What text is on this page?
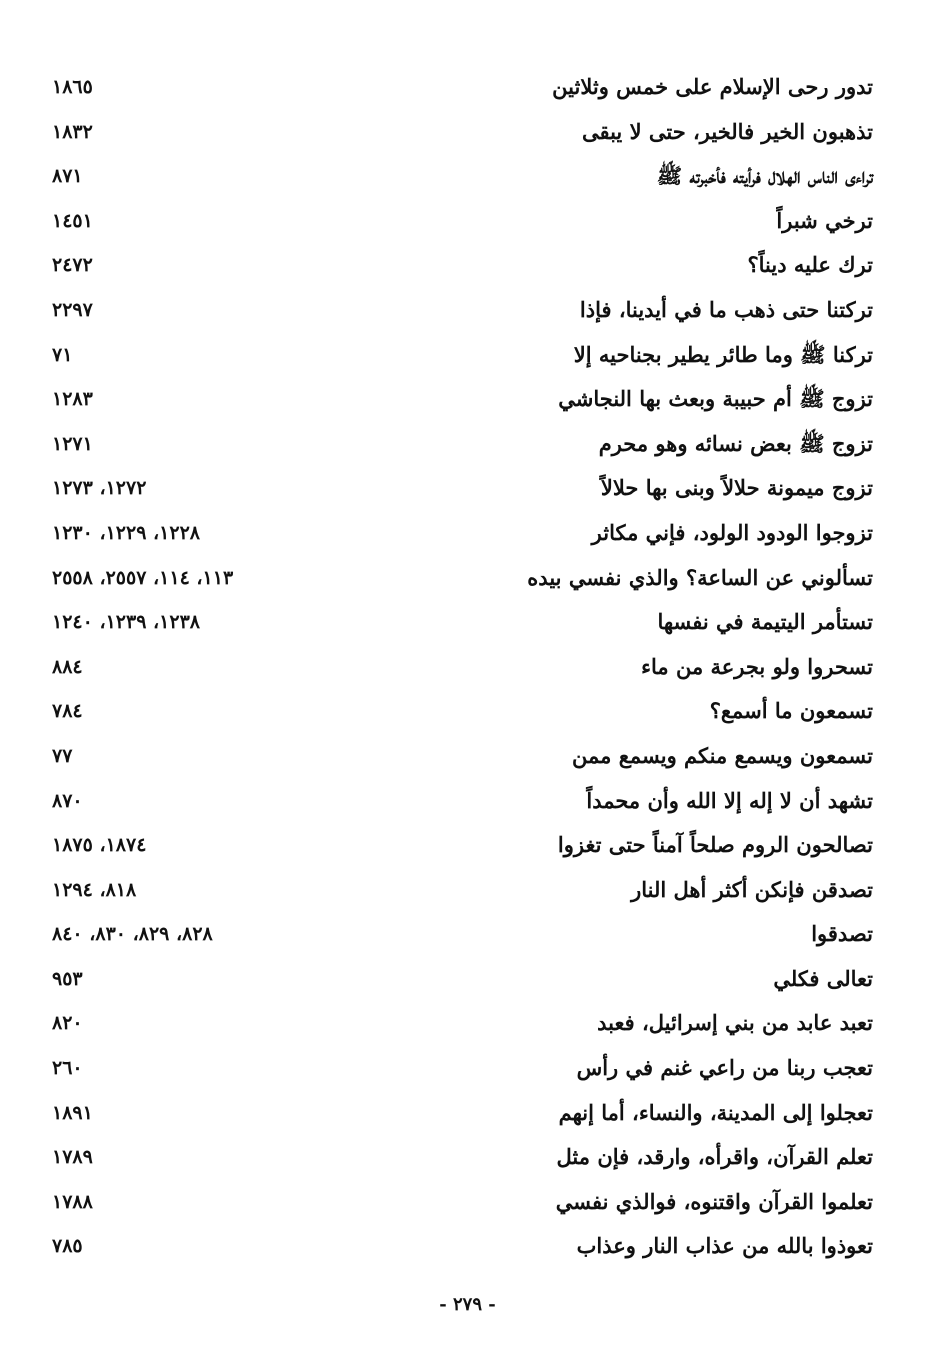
تدور رحى الإسلام على خمس وثلاثين
١٨٦٥
تذهبون الخير فالخير، حتى لا يبقى
١٨٣٢
تراءى الناس الهلال فرأيته فأخبرته ﷺ
٨٧١
ترخي شبراً
١٤٥١
ترك عليه ديناً؟
٢٤٧٢
تركتنا حتى ذهب ما في أيدينا، فإذا
٢٢٩٧
تركنا ﷺ وما طائر يطير بجناحيه إلا
٧١
تزوج ﷺ أم حبيبة وبعث بها النجاشي
١٢٨٣
تزوج ﷺ بعض نسائه وهو محرم
١٢٧١
تزوج ميمونة حلالاً وبنى بها حلالاً
١٢٧٢، ١٢٧٣
تزوجوا الودود الولود، فإني مكاثر
١٢٢٨، ١٢٢٩، ١٢٣٠
تسألوني عن الساعة؟ والذي نفسي بيده
١١٣، ١١٤، ٢٥٥٧، ٢٥٥٨
تستأمر اليتيمة في نفسها
١٢٣٨، ١٢٣٩، ١٢٤٠
تسحروا ولو بجرعة من ماء
٨٨٤
تسمعون ما أسمع؟
٧٨٤
تسمعون ويسمع منكم ويسمع ممن
٧٧
تشهد أن لا إله إلا الله وأن محمداً
٨٧٠
تصالحون الروم صلحاً آمناً حتى تغزوا
١٨٧٤، ١٨٧٥
تصدقن فإنكن أكثر أهل النار
٨١٨، ١٢٩٤
تصدقوا
٨٢٨، ٨٢٩، ٨٣٠، ٨٤٠
تعالى فكلي
٩٥٣
تعبد عابد من بني إسرائيل، فعبد
٨٢٠
تعجب ربنا من راعي غنم في رأس
٢٦٠
تعجلوا إلى المدينة، والنساء، أما إنهم
١٨٩١
تعلم القرآن، واقرأه، وارقد، فإن مثل
١٧٨٩
تعلموا القرآن واقتنوه، فوالذي نفسي
١٧٨٨
تعوذوا بالله من عذاب النار وعذاب
٧٨٥
- ٢٧٩ -
